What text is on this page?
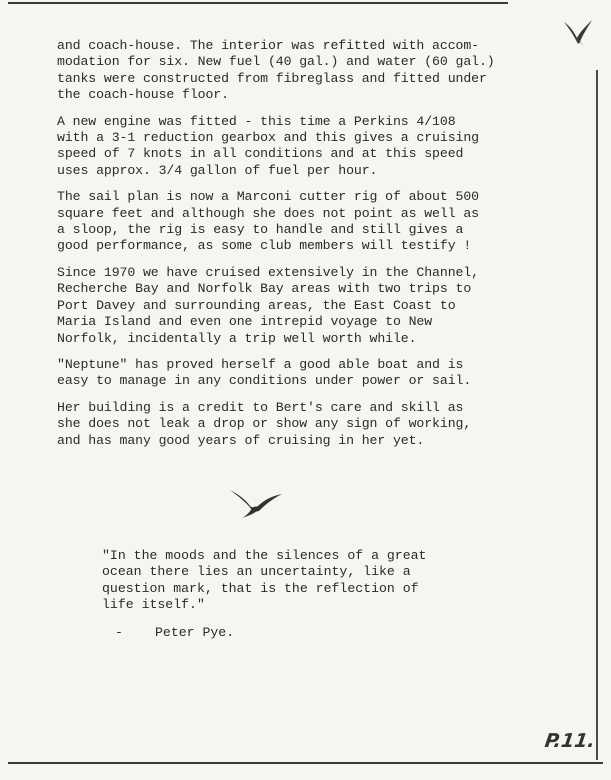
and coach-house. The interior was refitted with accom-
modation for six. New fuel (40 gal.) and water (60 gal.)
tanks were constructed from fibreglass and fitted under
the coach-house floor.

A new engine was fitted - this time a Perkins 4/108
with a 3-1 reduction gearbox and this gives a cruising
speed of 7 knots in all conditions and at this speed
uses approx. 3/4 gallon of fuel per hour.

The sail plan is now a Marconi cutter rig of about 500
square feet and although she does not point as well as
a sloop, the rig is easy to handle and still gives a
good performance, as some club members will testify !

Since 1970 we have cruised extensively in the Channel,
Recherche Bay and Norfolk Bay areas with two trips to
Port Davey and surrounding areas, the East Coast to
Maria Island and even one intrepid voyage to New
Norfolk, incidentally a trip well worth while.

"Neptune" has proved herself a good able boat and is
easy to manage in any conditions under power or sail.

Her building is a credit to Bert's care and skill as
she does not leak a drop or show any sign of working,
and has many good years of cruising in her yet.

"In the moods and the silences of a great
ocean there lies an uncertainty, like a
question mark, that is the reflection of
life itself."

- Peter Pye.

P.11.
